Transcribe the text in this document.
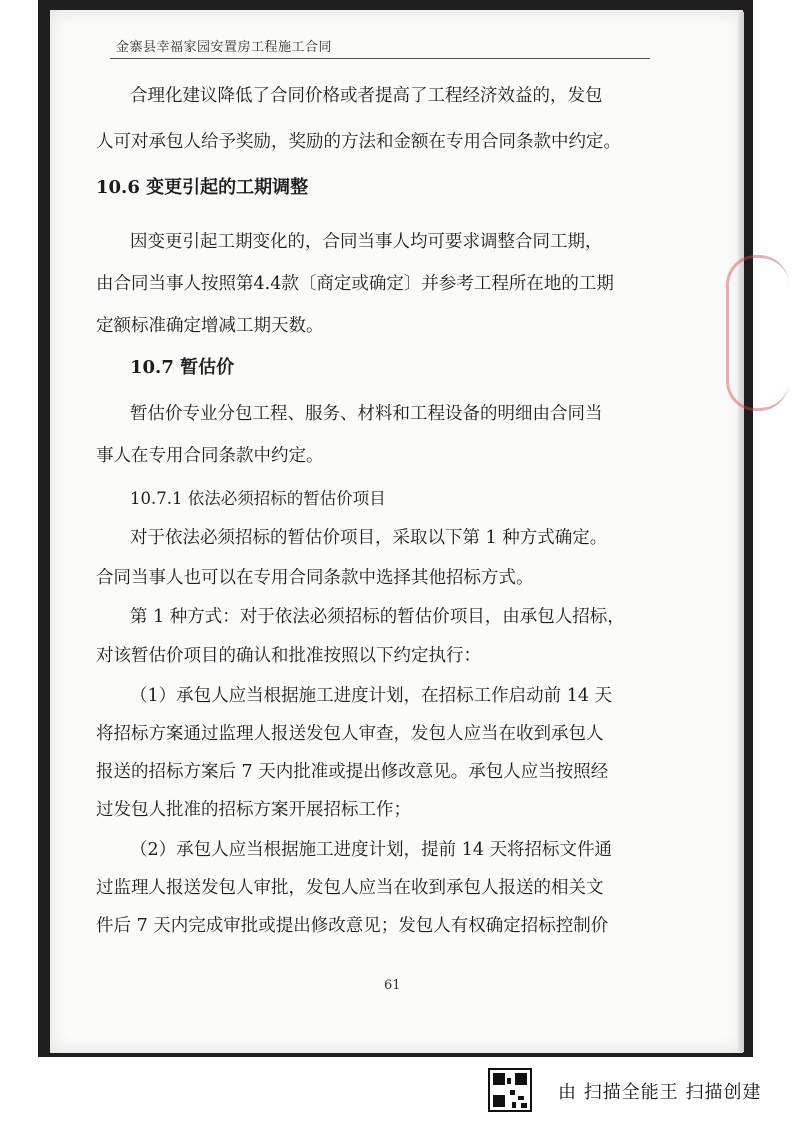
金寨县幸福家园安置房工程施工合同
合理化建议降低了合同价格或者提高了工程经济效益的，发包
人可对承包人给予奖励，奖励的方法和金额在专用合同条款中约定。
10.6 变更引起的工期调整
因变更引起工期变化的，合同当事人均可要求调整合同工期，
由合同当事人按照第4.4款〔商定或确定〕并参考工程所在地的工期
定额标准确定增减工期天数。
10.7 暂估价
暂估价专业分包工程、服务、材料和工程设备的明细由合同当
事人在专用合同条款中约定。
10.7.1 依法必须招标的暂估价项目
对于依法必须招标的暂估价项目，采取以下第 1 种方式确定。
合同当事人也可以在专用合同条款中选择其他招标方式。
第 1 种方式：对于依法必须招标的暂估价项目，由承包人招标，
对该暂估价项目的确认和批准按照以下约定执行：
（1）承包人应当根据施工进度计划，在招标工作启动前 14 天
将招标方案通过监理人报送发包人审查，发包人应当在收到承包人
报送的招标方案后 7 天内批准或提出修改意见。承包人应当按照经
过发包人批准的招标方案开展招标工作；
（2）承包人应当根据施工进度计划，提前 14 天将招标文件通
过监理人报送发包人审批，发包人应当在收到承包人报送的相关文
件后 7 天内完成审批或提出修改意见；发包人有权确定招标控制价
61
由 扫描全能王 扫描创建
